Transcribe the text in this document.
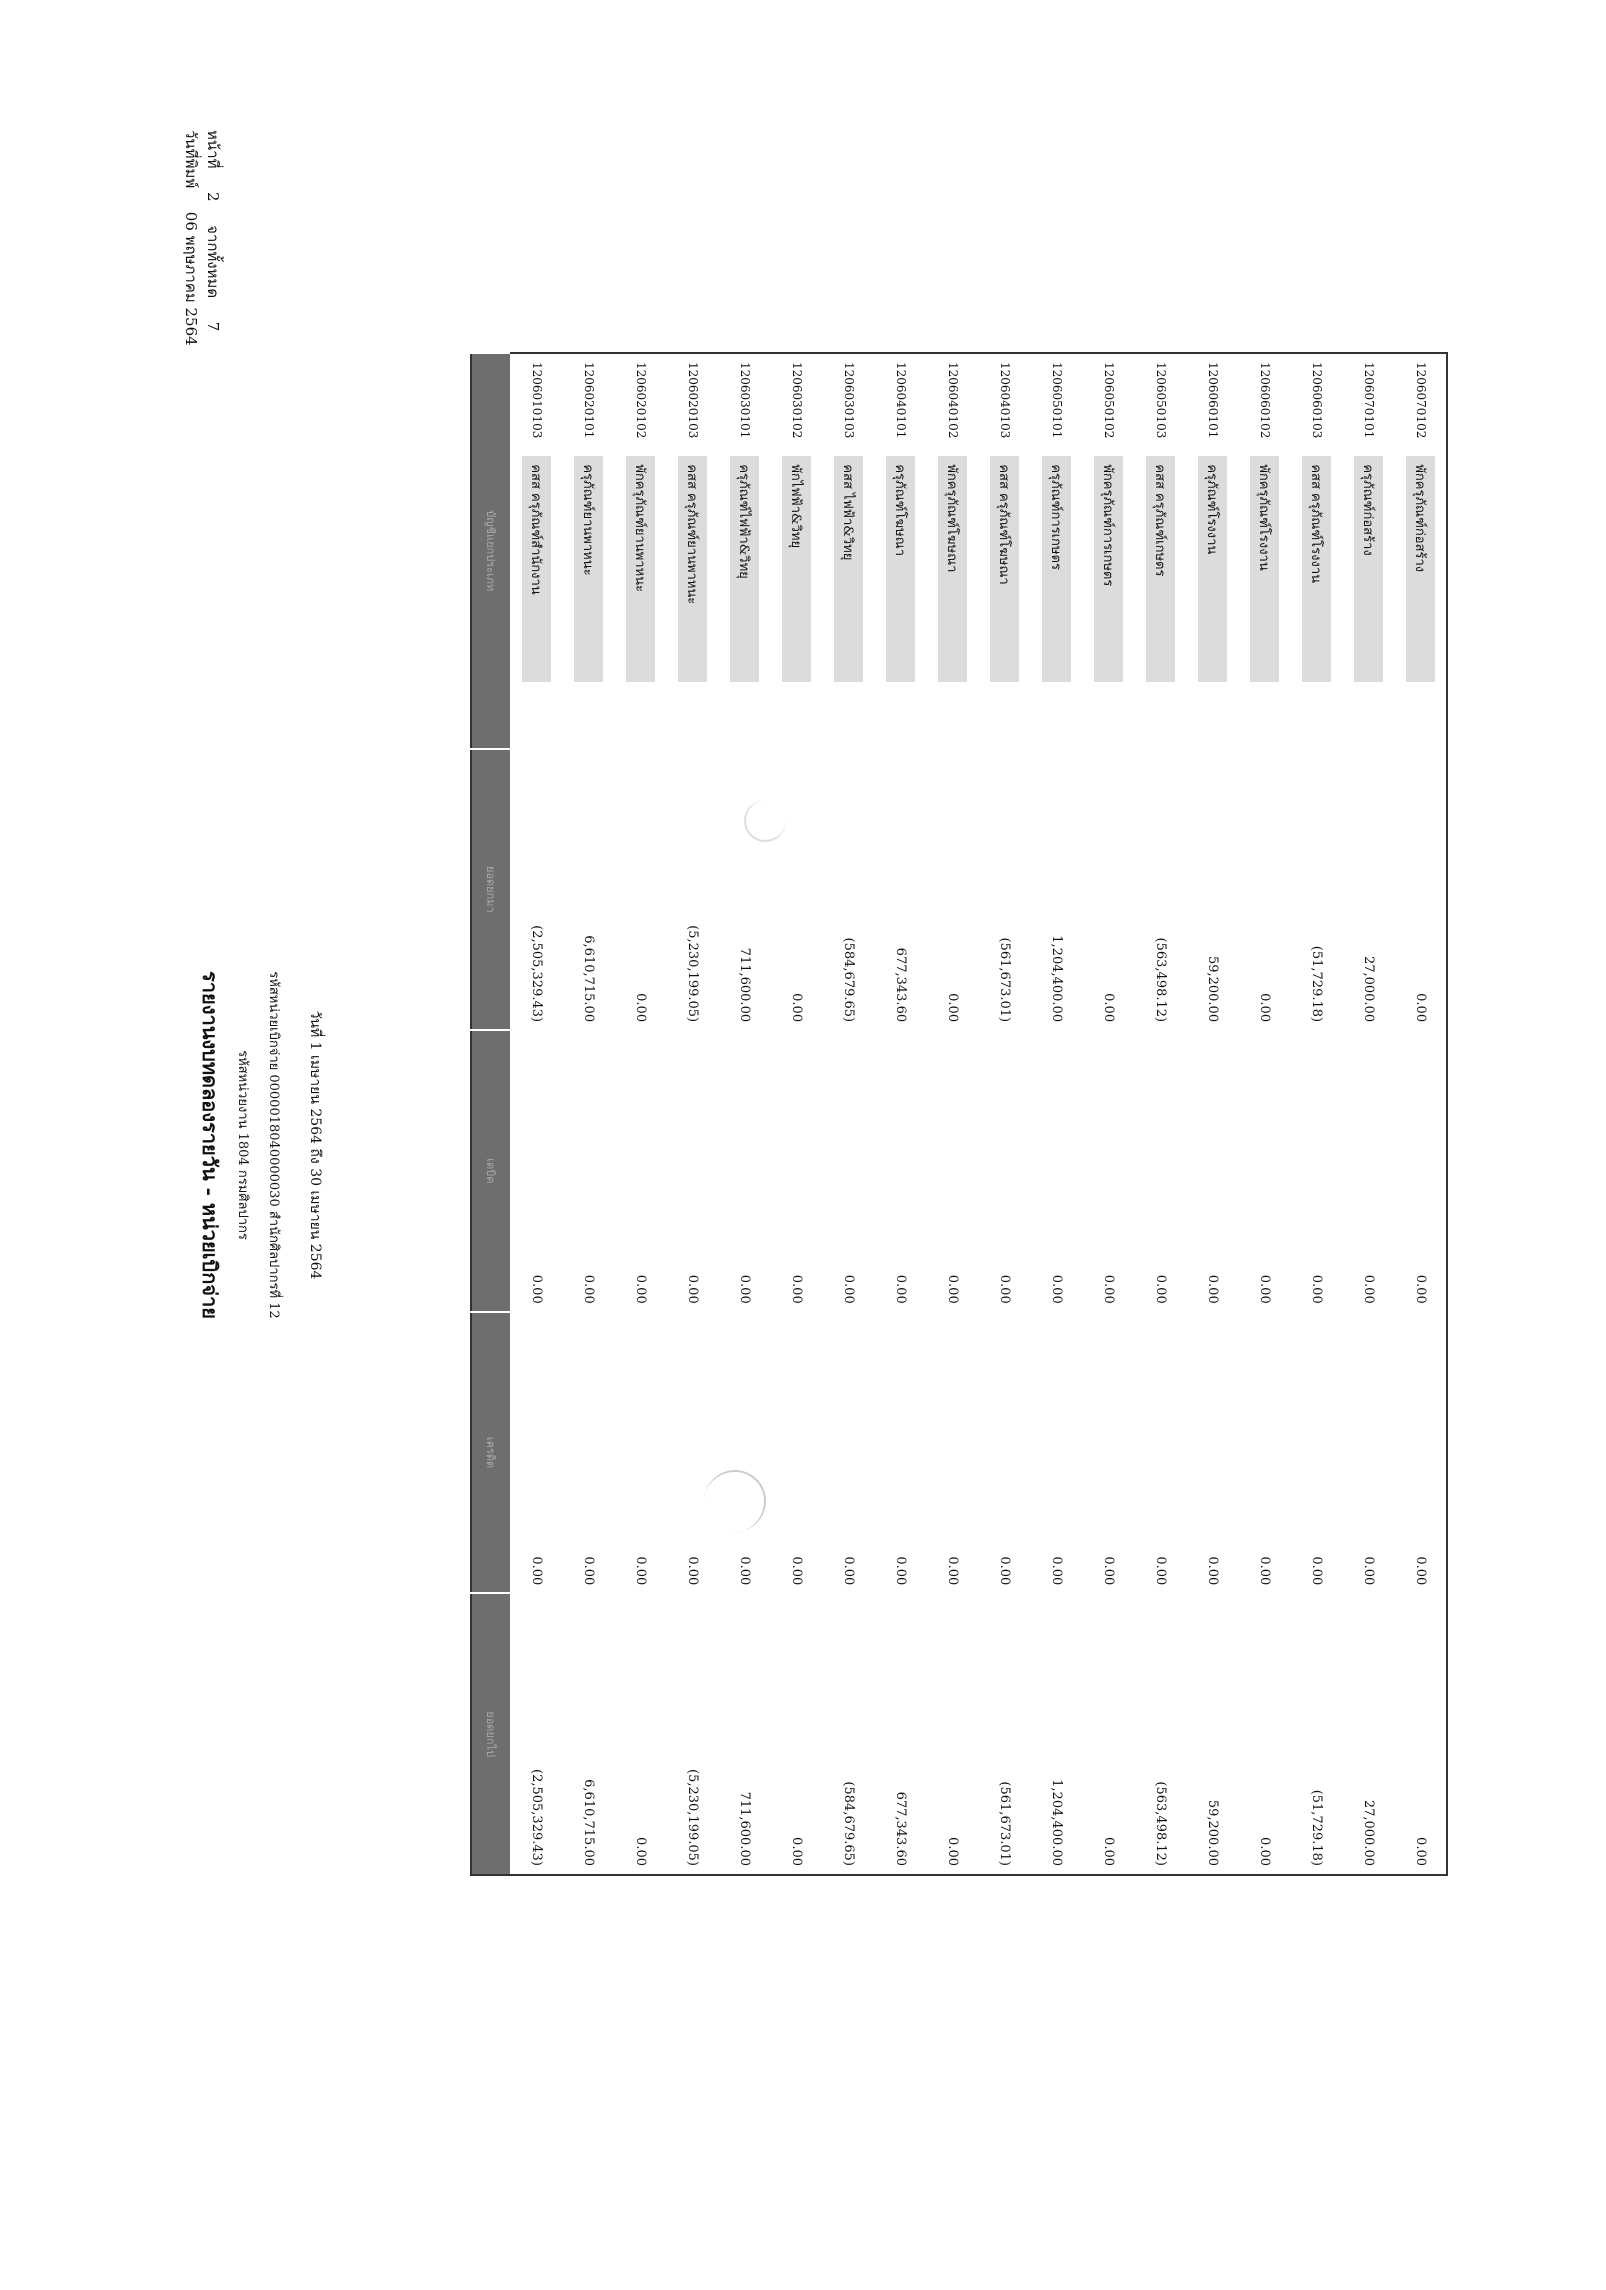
หน้าที่  2  จากทั้งหมด  7
วันที่พิมพ์  06 พฤษภาคม 2564
รายงานงบทดลองรายวัน - หน่วยเบิกจ่าย	รหัสหน่วยงาน 1804 กรมศิลปากร	รหัสหน่วยเบิกจ่าย 0000018040000030 สำนักศิลปากรที่ 12 วันที่ 1 เมษายน 2564 ถึง 30 เมษายน 2564
บัญชีแยกประเภท	ยอดยกมา	เดบิต	เครดิต	ยอดยกไป
1206010103คสส ครุภัณฑ์สำนักงาน	(2,505,329.43)	0.00	0.00	(2,505,329.43)
1206020101ครุภัณฑ์ยานพาหนะ	6,610,715.00	0.00	0.00	6,610,715.00
1206020102พักครุภัณฑ์ยานพาหนะ	0.00	0.00	0.00	0.00
1206020103คสส ครุภัณฑ์ยานพาหนะ	(5,230,199.05)	0.00	0.00	(5,230,199.05)
1206030101ครุภัณฑ์ไฟฟ้า&วิทยุ	711,600.00	0.00	0.00	711,600.00
1206030102พักไฟฟ้า&วิทยุ	0.00	0.00	0.00	0.00
1206030103คสส ไฟฟ้า&วิทยุ	(584,679.65)	0.00	0.00	(584,679.65)
1206040101ครุภัณฑ์โฆษณา	677,343.60	0.00	0.00	677,343.60
1206040102พักครุภัณฑ์โฆษณา	0.00	0.00	0.00	0.00
1206040103คสส ครุภัณฑ์โฆษณา	(561,673.01)	0.00	0.00	(561,673.01)
1206050101ครุภัณฑ์การเกษตร	1,204,400.00	0.00	0.00	1,204,400.00
1206050102พักครุภัณฑ์การเกษตร	0.00	0.00	0.00	0.00
1206050103คสส ครุภัณฑ์เกษตร	(563,498.12)	0.00	0.00	(563,498.12)
1206060101ครุภัณฑ์โรงงาน	59,200.00	0.00	0.00	59,200.00
1206060102พักครุภัณฑ์โรงงาน	0.00	0.00	0.00	0.00
1206060103คสส ครุภัณฑ์โรงงาน	(51,729.18)	0.00	0.00	(51,729.18)
1206070101ครุภัณฑ์ก่อสร้าง	27,000.00	0.00	0.00	27,000.00
1206070102พักครุภัณฑ์ก่อสร้าง	0.00	0.00	0.00	0.00
